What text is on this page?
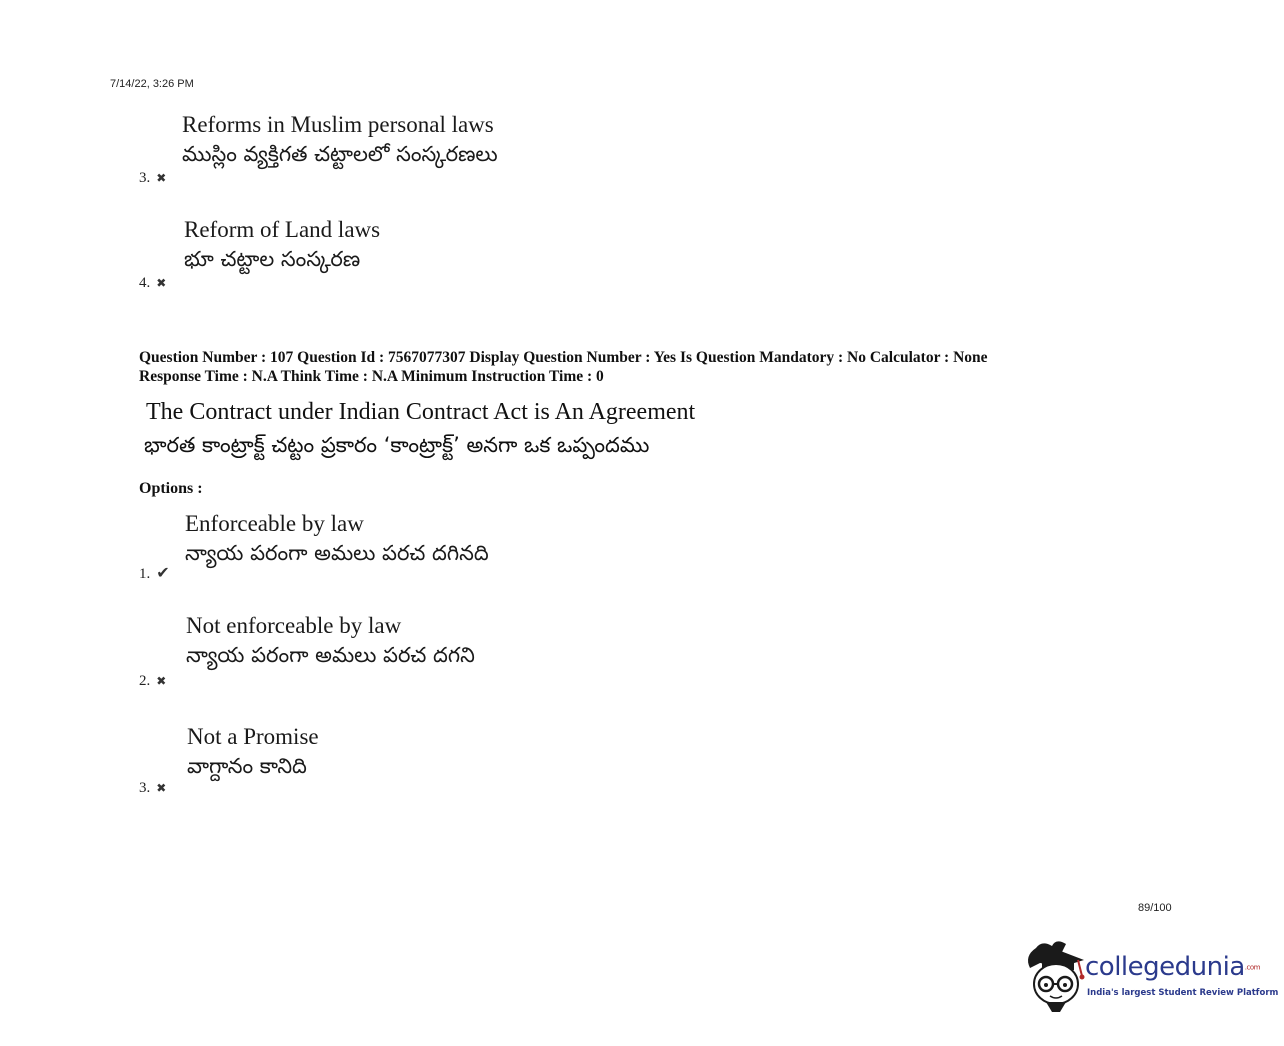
7/14/22, 3:26 PM
Reforms in Muslim personal laws
ముస్లిం వ్యక్తిగత చట్టాలలో సంస్కరణలు
3. ✖
Reform of Land laws
భూ చట్టాల సంస్కరణ
4. ✖
Question Number : 107 Question Id : 7567077307 Display Question Number : Yes Is Question Mandatory : No Calculator : None
Response Time : N.A Think Time : N.A Minimum Instruction Time : 0
The Contract under Indian Contract Act is An Agreement
భారత కాంట్రాక్ట్ చట్టం ప్రకారం ‘కాంట్రాక్ట్’ అనగా ఒక ఒప్పందము
Options :
Enforceable by law
న్యాయ పరంగా అమలు పరచ దగినది
1. ✔
Not enforceable by law
న్యాయ పరంగా అమలు పరచ దగని
2. ✖
Not a Promise
వాగ్దానం కానిది
3. ✖
89/100
collegedunia.com
India's largest Student Review Platform
